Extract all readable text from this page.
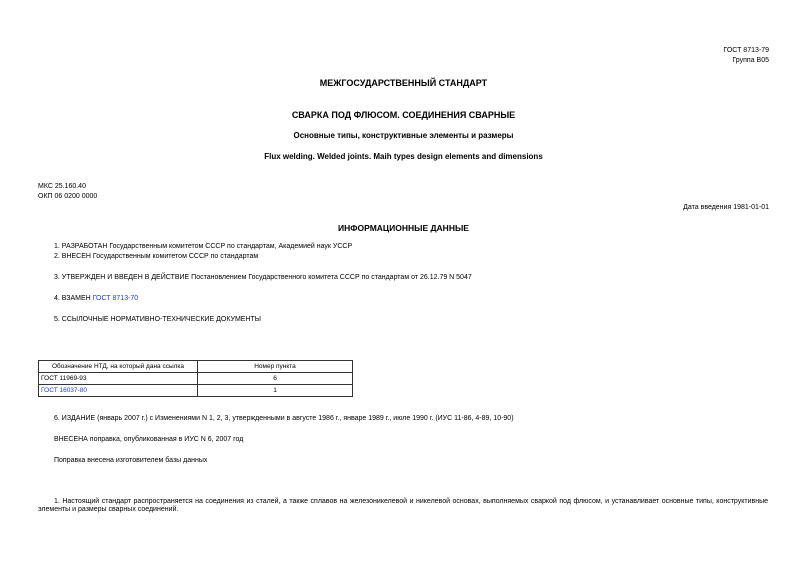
ГОСТ 8713-79
Группа В05
МЕЖГОСУДАРСТВЕННЫЙ СТАНДАРТ
СВАРКА ПОД ФЛЮСОМ. СОЕДИНЕНИЯ СВАРНЫЕ
Основные типы, конструктивные элементы и размеры
Flux welding. Welded joints. Maih types design elements and dimensions
МКС 25.160.40
ОКП 06 0200 0000
Дата введения 1981-01-01
ИНФОРМАЦИОННЫЕ ДАННЫЕ
1. РАЗРАБОТАН Государственным комитетом СССР по стандартам, Академией наук УССР
2. ВНЕСЕН Государственным комитетом СССР по стандартам
3. УТВЕРЖДЕН И ВВЕДЕН В ДЕЙСТВИЕ Постановлением Государственного комитета СССР по стандартам от 26.12.79 N 5047
4. ВЗАМЕН ГОСТ 8713-70
5. ССЫЛОЧНЫЕ НОРМАТИВНО-ТЕХНИЧЕСКИЕ ДОКУМЕНТЫ
Обозначение НТД, на который дана ссылка	Номер пункта
ГОСТ 11969-93	6
ГОСТ 16037-80	1
6. ИЗДАНИЕ (январь 2007 г.) с Изменениями N 1, 2, 3, утвержденными в августе 1986 г., январе 1989 г., июле 1990 г. (ИУС 11-86, 4-89, 10-90)
ВНЕСЕНА поправка, опубликованная в ИУС N 6, 2007 год
Поправка внесена изготовителем базы данных
1. Настоящий стандарт распространяется на соединения из сталей, а также сплавов на железоникелевой и никелевой основах, выполняемых сваркой под флюсом, и устанавливает основные типы, конструктивные элементы и размеры сварных соединений.
